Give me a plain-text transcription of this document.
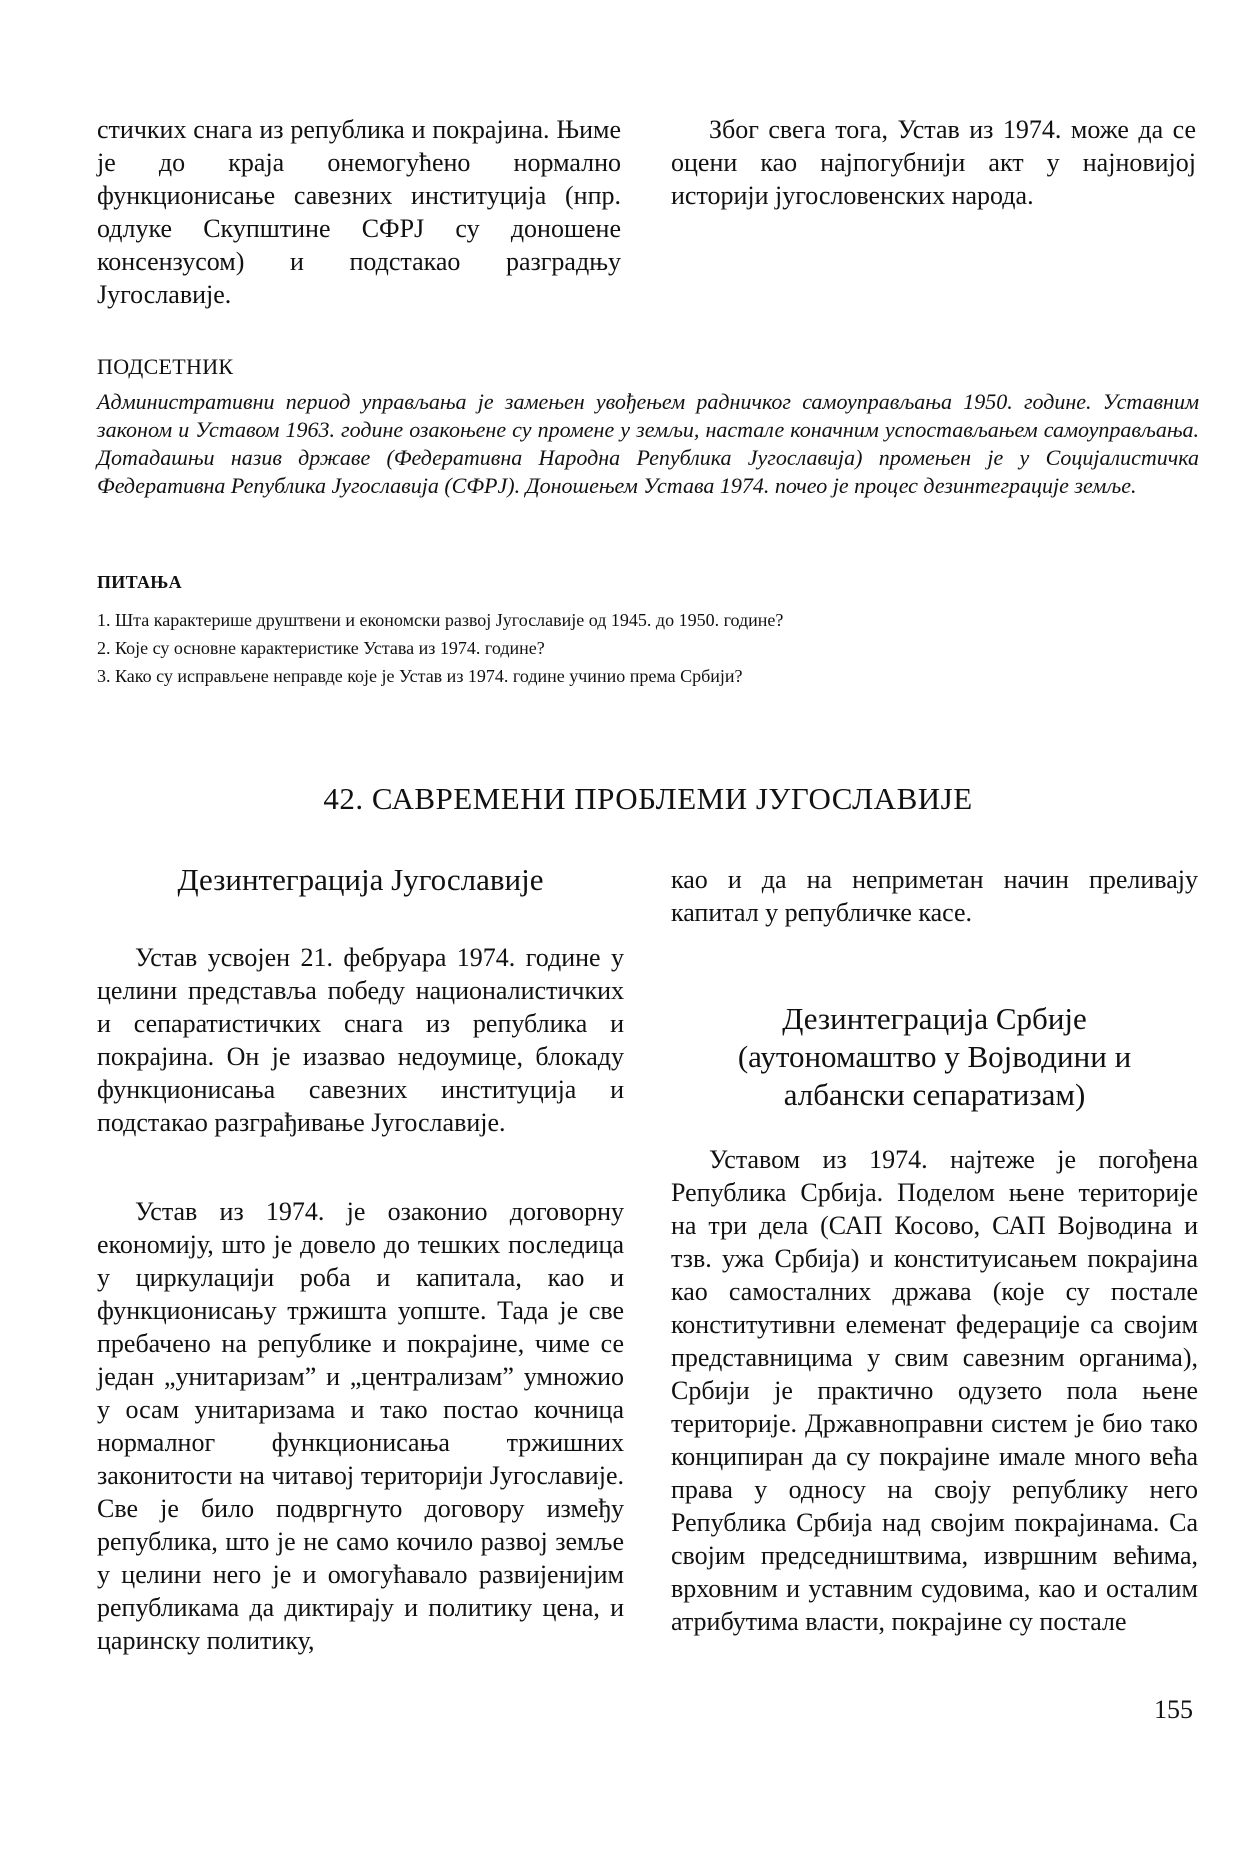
стичких снага из република и покрајина. Њиме је до краја онемогућено нормално функционисање савезних институција (нпр. одлуке Скупштине СФРЈ су доношене консензусом) и подстакао разградњу Југославије.

Због свега тога, Устав из 1974. може да се оцени као најпогубнији акт у најновијој историји југословенских народа.

ПОДСЕТНИК

Административни период управљања је замењен увођењем радничког самоуправљања 1950. године. Уставним законом и Уставом 1963. године озакоњене су промене у земљи, настале коначним успостављањем самоуправљања. Дотадашњи назив државе (Федеративна Народна Република Југославија) промењен је у Социјалистичка Федеративна Република Југославија (СФРЈ). Доношењем Устава 1974. почео је процес дезинтеграције земље.

ПИТАЊА
1. Шта карактерише друштвени и економски развој Југославије од 1945. до 1950. године?
2. Које су основне карактеристике Устава из 1974. године?
3. Како су исправљене неправде које је Устав из 1974. године учинио према Србији?
42. САВРЕМЕНИ ПРОБЛЕМИ ЈУГОСЛАВИЈЕ
Дезинтеграција Југославије

Устав усвојен 21. фебруара 1974. године у целини представља победу националистичких и сепаратистичких снага из република и покрајина. Он је изазвао недоумице, блокаду функционисања савезних институција и подстакао разграђивање Југославије.

Устав из 1974. је озаконио договорну економију, што је довело до тешких последица у циркулацији роба и капитала, као и функционисању тржишта уопште. Тада је све пребачено на републике и покрајине, чиме се један „унитаризам” и „централизам” умножио у осам унитаризама и тако постао кочница нормалног функционисања тржишних законитости на читавој територији Југославије. Све је било подвргнуто договору између република, што је не само кочило развој земље у целини него је и омогућавало развијенијим републикама да диктирају и политику цена, и царинску политику,

као и да на неприметан начин преливају капитал у републичке касе.

Дезинтеграција Србије
(аутономаштво у Војводини и
албански сепаратизам)

Уставом из 1974. најтеже је погођена Република Србија. Поделом њене територије на три дела (САП Косово, САП Војводина и тзв. ужа Србија) и конституисањем покрајина као самосталних држава (које су постале конститутивни елеменат федерације са својим представницима у свим савезним органима), Србији је практично одузето пола њене територије. Државноправни систем је био тако конципиран да су покрајине имале много већа права у односу на своју републику него Република Србија над својим покрајинама. Са својим председништвима, извршним већима, врховним и уставним судовима, као и осталим атрибутима власти, покрајине су постале

155
